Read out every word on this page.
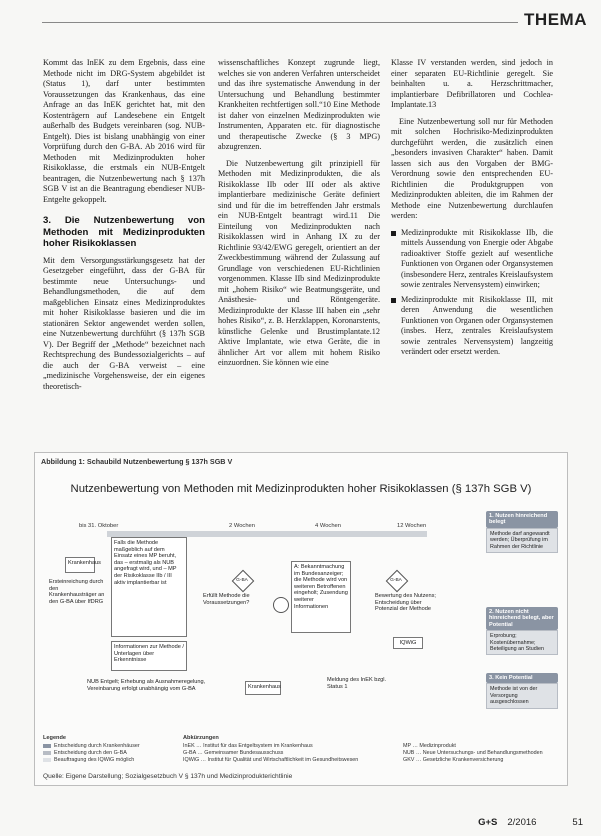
THEMA

Kommt das InEK zu dem Ergebnis, dass eine Methode nicht im DRG-System abgebildet ist (Status 1), darf unter bestimmten Voraussetzungen das Krankenhaus, das eine Anfrage an das InEK gerichtet hat, mit den Kostenträgern auf Landesebene ein Entgelt außerhalb des Budgets vereinbaren (sog. NUB-Entgelt). Dies ist bislang unabhängig von einer Vorprüfung durch den G-BA. Ab 2016 wird für Methoden mit Medizinprodukten hoher Risikoklasse, die erstmals ein NUB-Entgelt beantragen, die Nutzenbewertung nach § 137h SGB V ist an die Beantragung ebendieser NUB-Entgelte gekoppelt.

3. Die Nutzenbewertung von Methoden mit Medizinprodukten hoher Risikoklassen

Mit dem Versorgungsstärkungsgesetz hat der Gesetzgeber eingeführt, dass der G-BA für bestimmte neue Untersuchungs- und Behandlungsmethoden, die auf dem maßgeblichen Einsatz eines Medizinproduktes mit hoher Risikoklasse basieren und die im stationären Sektor angewendet werden sollen, eine Nutzenbewertung durchführt (§ 137h SGB V). Der Begriff der „Methode“ bezeichnet nach Rechtsprechung des Bundessozialgerichts – auf die auch der G-BA verweist – eine „medizinische Vorgehensweise, der ein eigenes theoretisch-

wissenschaftliches Konzept zugrunde liegt, welches sie von anderen Verfahren unterscheidet und das ihre systematische Anwendung in der Untersuchung und Behandlung bestimmter Krankheiten rechtfertigen soll.“10 Eine Methode ist daher von einzelnen Medizinprodukten wie Instrumenten, Apparaten etc. für diagnostische und therapeutische Zwecke (§ 3 MPG) abzugrenzen.

Die Nutzenbewertung gilt prinzipiell für Methoden mit Medizinprodukten, die als Risikoklasse IIb oder III oder als aktive implantierbare medizinische Geräte definiert sind und für die im betreffenden Jahr erstmals ein NUB-Entgelt beantragt wird.11 Die Einteilung von Medizinprodukten nach Risikoklassen wird in Anhang IX zu der Richtlinie 93/42/EWG geregelt, orientiert an der Zweckbestimmung während der Zulassung auf Grundlage von verschiedenen EU-Richtlinien vorgenommen. Klasse IIb sind Medizinprodukte mit „hohem Risiko“ wie Beatmungsgeräte, und Anästhesie- und Röntgengeräte. Medizinprodukte der Klasse III haben ein „sehr hohes Risiko“, z. B. Herzklappen, Koronarstents, künstliche Gelenke und Brustimplantate.12 Aktive Implantate, wie etwa Geräte, die in ähnlicher Art vor allem mit hohem Risiko einzuordnen. Sie können wie eine

Klasse IV verstanden werden, sind jedoch in einer separaten EU-Richtlinie geregelt. Sie beinhalten u. a. Herzschrittmacher, implantierbare Defibrillatoren und Cochlea-Implantate.13

Eine Nutzenbewertung soll nur für Methoden mit solchen Hochrisiko-Medizinprodukten durchgeführt werden, die zusätzlich einen „besonders invasiven Charakter“ haben. Damit lassen sich aus den Vorgaben der BMG-Verordnung sowie den entsprechenden EU-Richtlinien die Produktgruppen von Medizinprodukten ableiten, die im Rahmen der Methode eine Nutzenbewertung durchlaufen werden:

Medizinprodukte mit Risikoklasse IIb, die mittels Aussendung von Energie oder Abgabe radioaktiver Stoffe gezielt auf wesentliche Funktionen von Organen oder Organsystemen (insbesondere Herz, zentrales Kreislaufsystem sowie zentrales Nervensystem) einwirken;
Medizinprodukte mit Risikoklasse III, mit deren Anwendung die wesentlichen Funktionen von Organen oder Organsystemen (insbes. Herz, zentrales Kreislaufsystem sowie zentrales Nervensystem) langzeitig verändert oder ersetzt werden.
Abbildung 1: Schaubild Nutzenbewertung § 137h SGB V
Nutzenbewertung von Methoden mit Medizinprodukten hoher Risikoklassen (§ 137h SGB V)
bis 31. Oktober	2 Wochen	4 Wochen	12 Wochen
Krankenhaus
Ersteinreichung durch den Krankenhausträger an den G-BA über IfDRG
Falls die Methode maßgeblich auf dem Einsatz eines MP beruht, das – erstmalig als NUB angefragt wird, und – MP der Risikoklasse IIb / III aktiv implantierbar ist
Informationen zur Methode / Unterlagen über Erkenntnisse
G-BA
Erfüllt Methode die Voraussetzungen?
A: Bekanntmachung im Bundesanzeiger; die Methode wird von weiteren Betroffenen eingeholt; Zusendung weiterer Informationen
G-BA
Bewertung des Nutzens; Entscheidung über Potenzial der Methode
IQWiG
NUB Entgelt; Erhebung als Ausnahmeregelung, Vereinbarung erfolgt unabhängig vom G-BA	Krankenhaus
Meldung des InEK bzgl. Status 1
1. Nutzen hinreichend belegt
Methode darf angewandt werden; Überprüfung im Rahmen der Richtlinie
2. Nutzen nicht hinreichend belegt, aber Potential
Erprobung; Kostenübernahme; Beteiligung an Studien
3. Kein Potential
Methode ist von der Versorgung ausgeschlossen
Legende
Entscheidung durch Krankenhäuser
Entscheidung durch den G-BA
Beauftragung des IQWiG möglich
Abkürzungen
InEK … Institut für das Entgeltsystem im Krankenhaus
G-BA … Gemeinsamer Bundesausschuss
IQWiG … Institut für Qualität und Wirtschaftlichkeit im Gesundheitswesen
MP … Medizinprodukt
NUB … Neue Untersuchungs- und Behandlungsmethoden
GKV … Gesetzliche Krankenversicherung
Quelle: Eigene Darstellung; Sozialgesetzbuch V § 137h und Medizinprodukterichtlinie
G+S 2/2016	51
